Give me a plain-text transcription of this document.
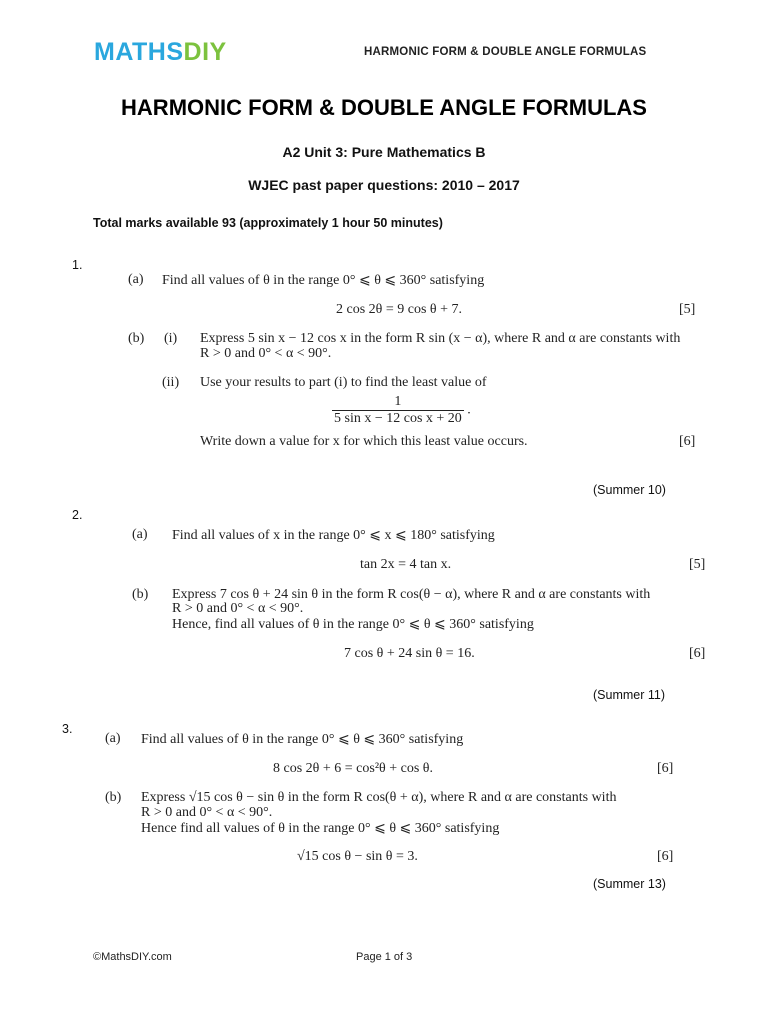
MATHSDIY	HARMONIC FORM & DOUBLE ANGLE FORMULAS
HARMONIC FORM & DOUBLE ANGLE FORMULAS
A2 Unit 3: Pure Mathematics B
WJEC past paper questions: 2010 – 2017
Total marks available 93 (approximately 1 hour 50 minutes)
1.
(a) Find all values of θ in the range 0° ⩽ θ ⩽ 360° satisfying
2 cos 2θ = 9 cos θ + 7.	[5]
(b) (i) Express 5 sin x − 12 cos x in the form R sin (x − α), where R and α are constants with
R > 0 and 0° < α < 90°.
(ii) Use your results to part (i) to find the least value of
$\frac{1}{\text{5 sin x − 12 cos x + 20}}$ .
Write down a value for x for which this least value occurs.	[6]
(Summer 10)
2.
(a) Find all values of x in the range 0° ⩽ x ⩽ 180° satisfying
tan 2x = 4 tan x.	[5]
(b) Express 7 cos θ + 24 sin θ in the form R cos(θ − α), where R and α are constants with
R > 0 and 0° < α < 90°.
Hence, find all values of θ in the range 0° ⩽ θ ⩽ 360° satisfying
7 cos θ + 24 sin θ = 16.	[6]
(Summer 11)
3.
(a) Find all values of θ in the range 0° ⩽ θ ⩽ 360° satisfying
8 cos 2θ + 6 = cos²θ + cos θ.	[6]
(b) Express √15 cos θ − sin θ in the form R cos(θ + α), where R and α are constants with
R > 0 and 0° < α < 90°.
Hence find all values of θ in the range 0° ⩽ θ ⩽ 360° satisfying
√15 cos θ − sin θ = 3.	[6]
(Summer 13)
©MathsDIY.com	Page 1 of 3
